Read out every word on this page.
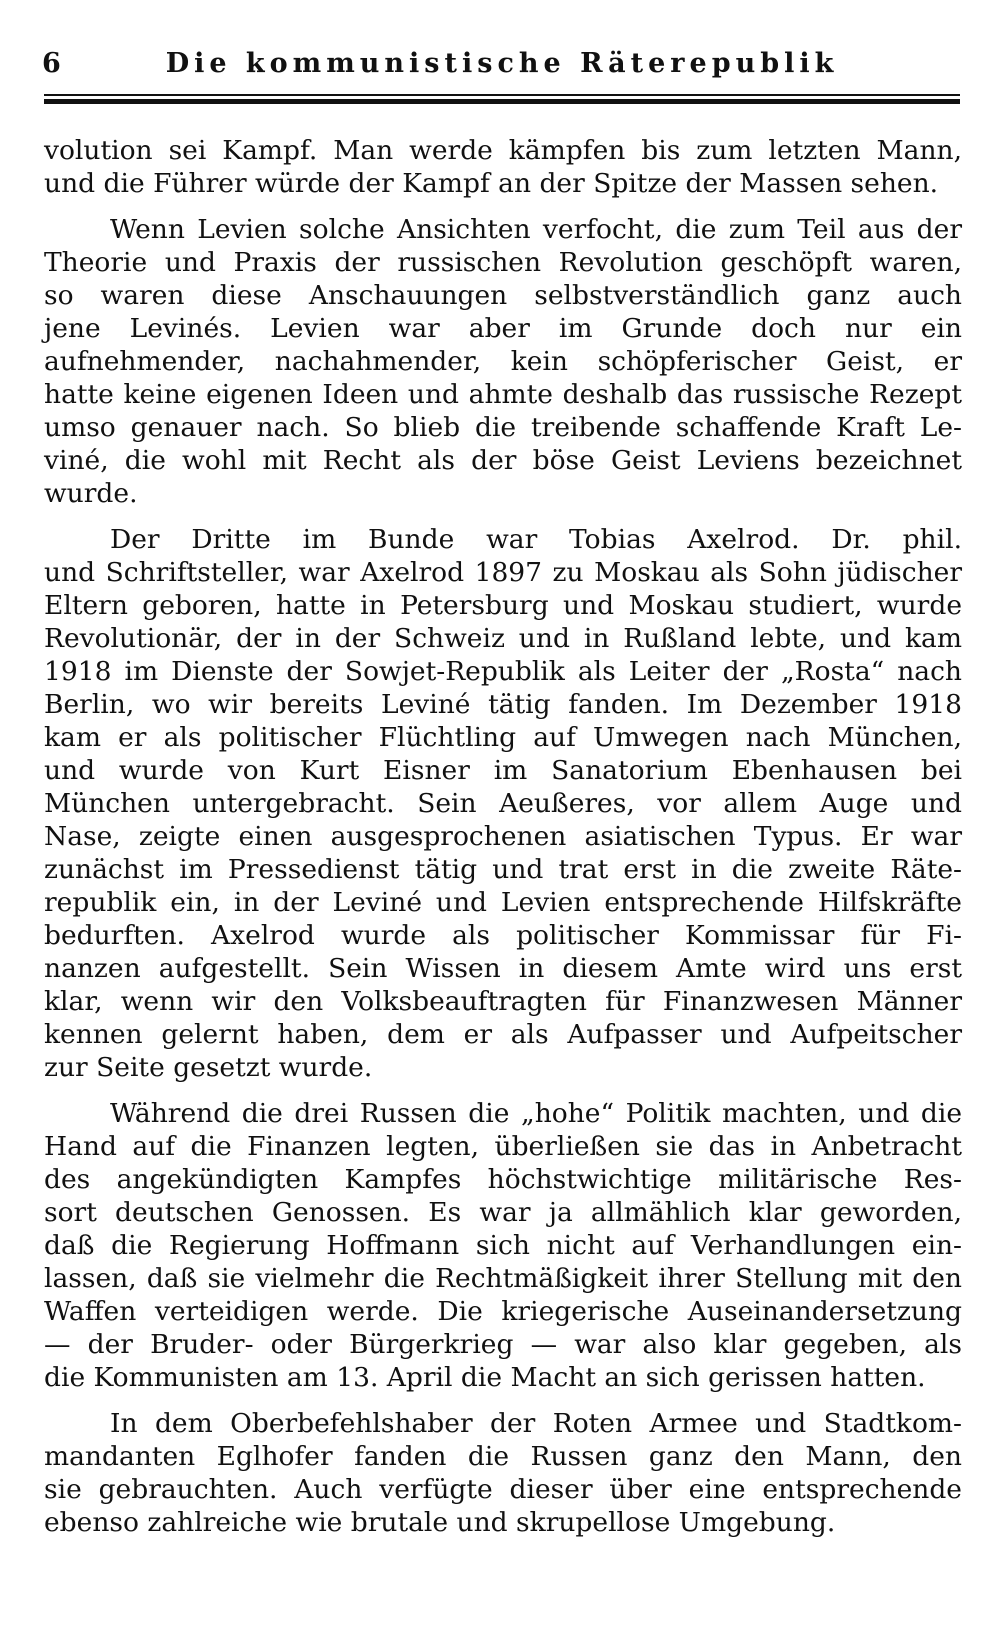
6	Die kommunistische Räterepublik
volution sei Kampf. Man werde kämpfen bis zum letzten Mann,
und die Führer würde der Kampf an der Spitze der Massen sehen.
Wenn Levien solche Ansichten verfocht, die zum Teil aus der
Theorie und Praxis der russischen Revolution geschöpft waren,
so waren diese Anschauungen selbstverständlich ganz auch
jene Levinés. Levien war aber im Grunde doch nur ein
aufnehmender, nachahmender, kein schöpferischer Geist, er
hatte keine eigenen Ideen und ahmte deshalb das russische Rezept
umso genauer nach. So blieb die treibende schaffende Kraft Le-
viné, die wohl mit Recht als der böse Geist Leviens bezeichnet
wurde.
Der Dritte im Bunde war Tobias Axelrod. Dr. phil.
und Schriftsteller, war Axelrod 1897 zu Moskau als Sohn jüdischer
Eltern geboren, hatte in Petersburg und Moskau studiert, wurde
Revolutionär, der in der Schweiz und in Rußland lebte, und kam
1918 im Dienste der Sowjet-Republik als Leiter der „Rosta“ nach
Berlin, wo wir bereits Leviné tätig fanden. Im Dezember 1918
kam er als politischer Flüchtling auf Umwegen nach München,
und wurde von Kurt Eisner im Sanatorium Ebenhausen bei
München untergebracht. Sein Aeußeres, vor allem Auge und
Nase, zeigte einen ausgesprochenen asiatischen Typus. Er war
zunächst im Pressedienst tätig und trat erst in die zweite Räte-
republik ein, in der Leviné und Levien entsprechende Hilfskräfte
bedurften. Axelrod wurde als politischer Kommissar für Fi-
nanzen aufgestellt. Sein Wissen in diesem Amte wird uns erst
klar, wenn wir den Volksbeauftragten für Finanzwesen Männer
kennen gelernt haben, dem er als Aufpasser und Aufpeitscher
zur Seite gesetzt wurde.
Während die drei Russen die „hohe“ Politik machten, und die
Hand auf die Finanzen legten, überließen sie das in Anbetracht
des angekündigten Kampfes höchstwichtige militärische Res-
sort deutschen Genossen. Es war ja allmählich klar geworden,
daß die Regierung Hoffmann sich nicht auf Verhandlungen ein-
lassen, daß sie vielmehr die Rechtmäßigkeit ihrer Stellung mit den
Waffen verteidigen werde. Die kriegerische Auseinandersetzung
— der Bruder- oder Bürgerkrieg — war also klar gegeben, als
die Kommunisten am 13. April die Macht an sich gerissen hatten.
In dem Oberbefehlshaber der Roten Armee und Stadtkom-
mandanten Eglhofer fanden die Russen ganz den Mann, den
sie gebrauchten. Auch verfügte dieser über eine entsprechende
ebenso zahlreiche wie brutale und skrupellose Umgebung.
